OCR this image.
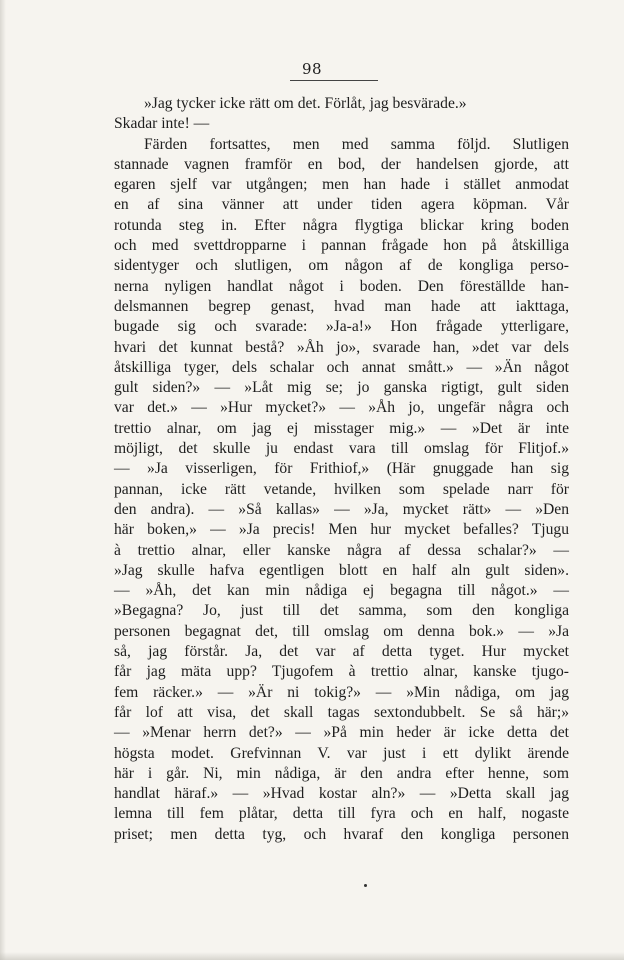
98
»Jag tycker icke rätt om det. Förlåt, jag besvärade.»
Skadar inte! —
Färden fortsattes, men med samma följd. Slutligen
stannade vagnen framför en bod, der handelsen gjorde, att
egaren sjelf var utgången; men han hade i stället anmodat
en af sina vänner att under tiden agera köpman. Vår
rotunda steg in. Efter några flygtiga blickar kring boden
och med svettdropparne i pannan frågade hon på åtskilliga
sidentyger och slutligen, om någon af de kongliga perso-
nerna nyligen handlat något i boden. Den föreställde han-
delsmannen begrep genast, hvad man hade att iakttaga,
bugade sig och svarade: »Ja-a!» Hon frågade ytterligare,
hvari det kunnat bestå? »Åh jo», svarade han, »det var dels
åtskilliga tyger, dels schalar och annat smått.» — »Än något
gult siden?» — »Låt mig se; jo ganska rigtigt, gult siden
var det.» — »Hur mycket?» — »Åh jo, ungefär några och
trettio alnar, om jag ej misstager mig.» — »Det är inte
möjligt, det skulle ju endast vara till omslag för Flitjof.»
— »Ja visserligen, för Frithiof,» (Här gnuggade han sig
pannan, icke rätt vetande, hvilken som spelade narr för
den andra). — »Så kallas» — »Ja, mycket rätt» — »Den
här boken,» — »Ja precis! Men hur mycket befalles? Tjugu
à trettio alnar, eller kanske några af dessa schalar?» —
»Jag skulle hafva egentligen blott en half aln gult siden».
— »Åh, det kan min nådiga ej begagna till något.» —
»Begagna? Jo, just till det samma, som den kongliga
personen begagnat det, till omslag om denna bok.» — »Ja
så, jag förstår. Ja, det var af detta tyget. Hur mycket
får jag mäta upp? Tjugofem à trettio alnar, kanske tjugo-
fem räcker.» — »Är ni tokig?» — »Min nådiga, om jag
får lof att visa, det skall tagas sextondubbelt. Se så här;»
— »Menar herrn det?» — »På min heder är icke detta det
högsta modet. Grefvinnan V. var just i ett dylikt ärende
här i går. Ni, min nådiga, är den andra efter henne, som
handlat häraf.» — »Hvad kostar aln?» — »Detta skall jag
lemna till fem plåtar, detta till fyra och en half, nogaste
priset; men detta tyg, och hvaraf den kongliga personen
